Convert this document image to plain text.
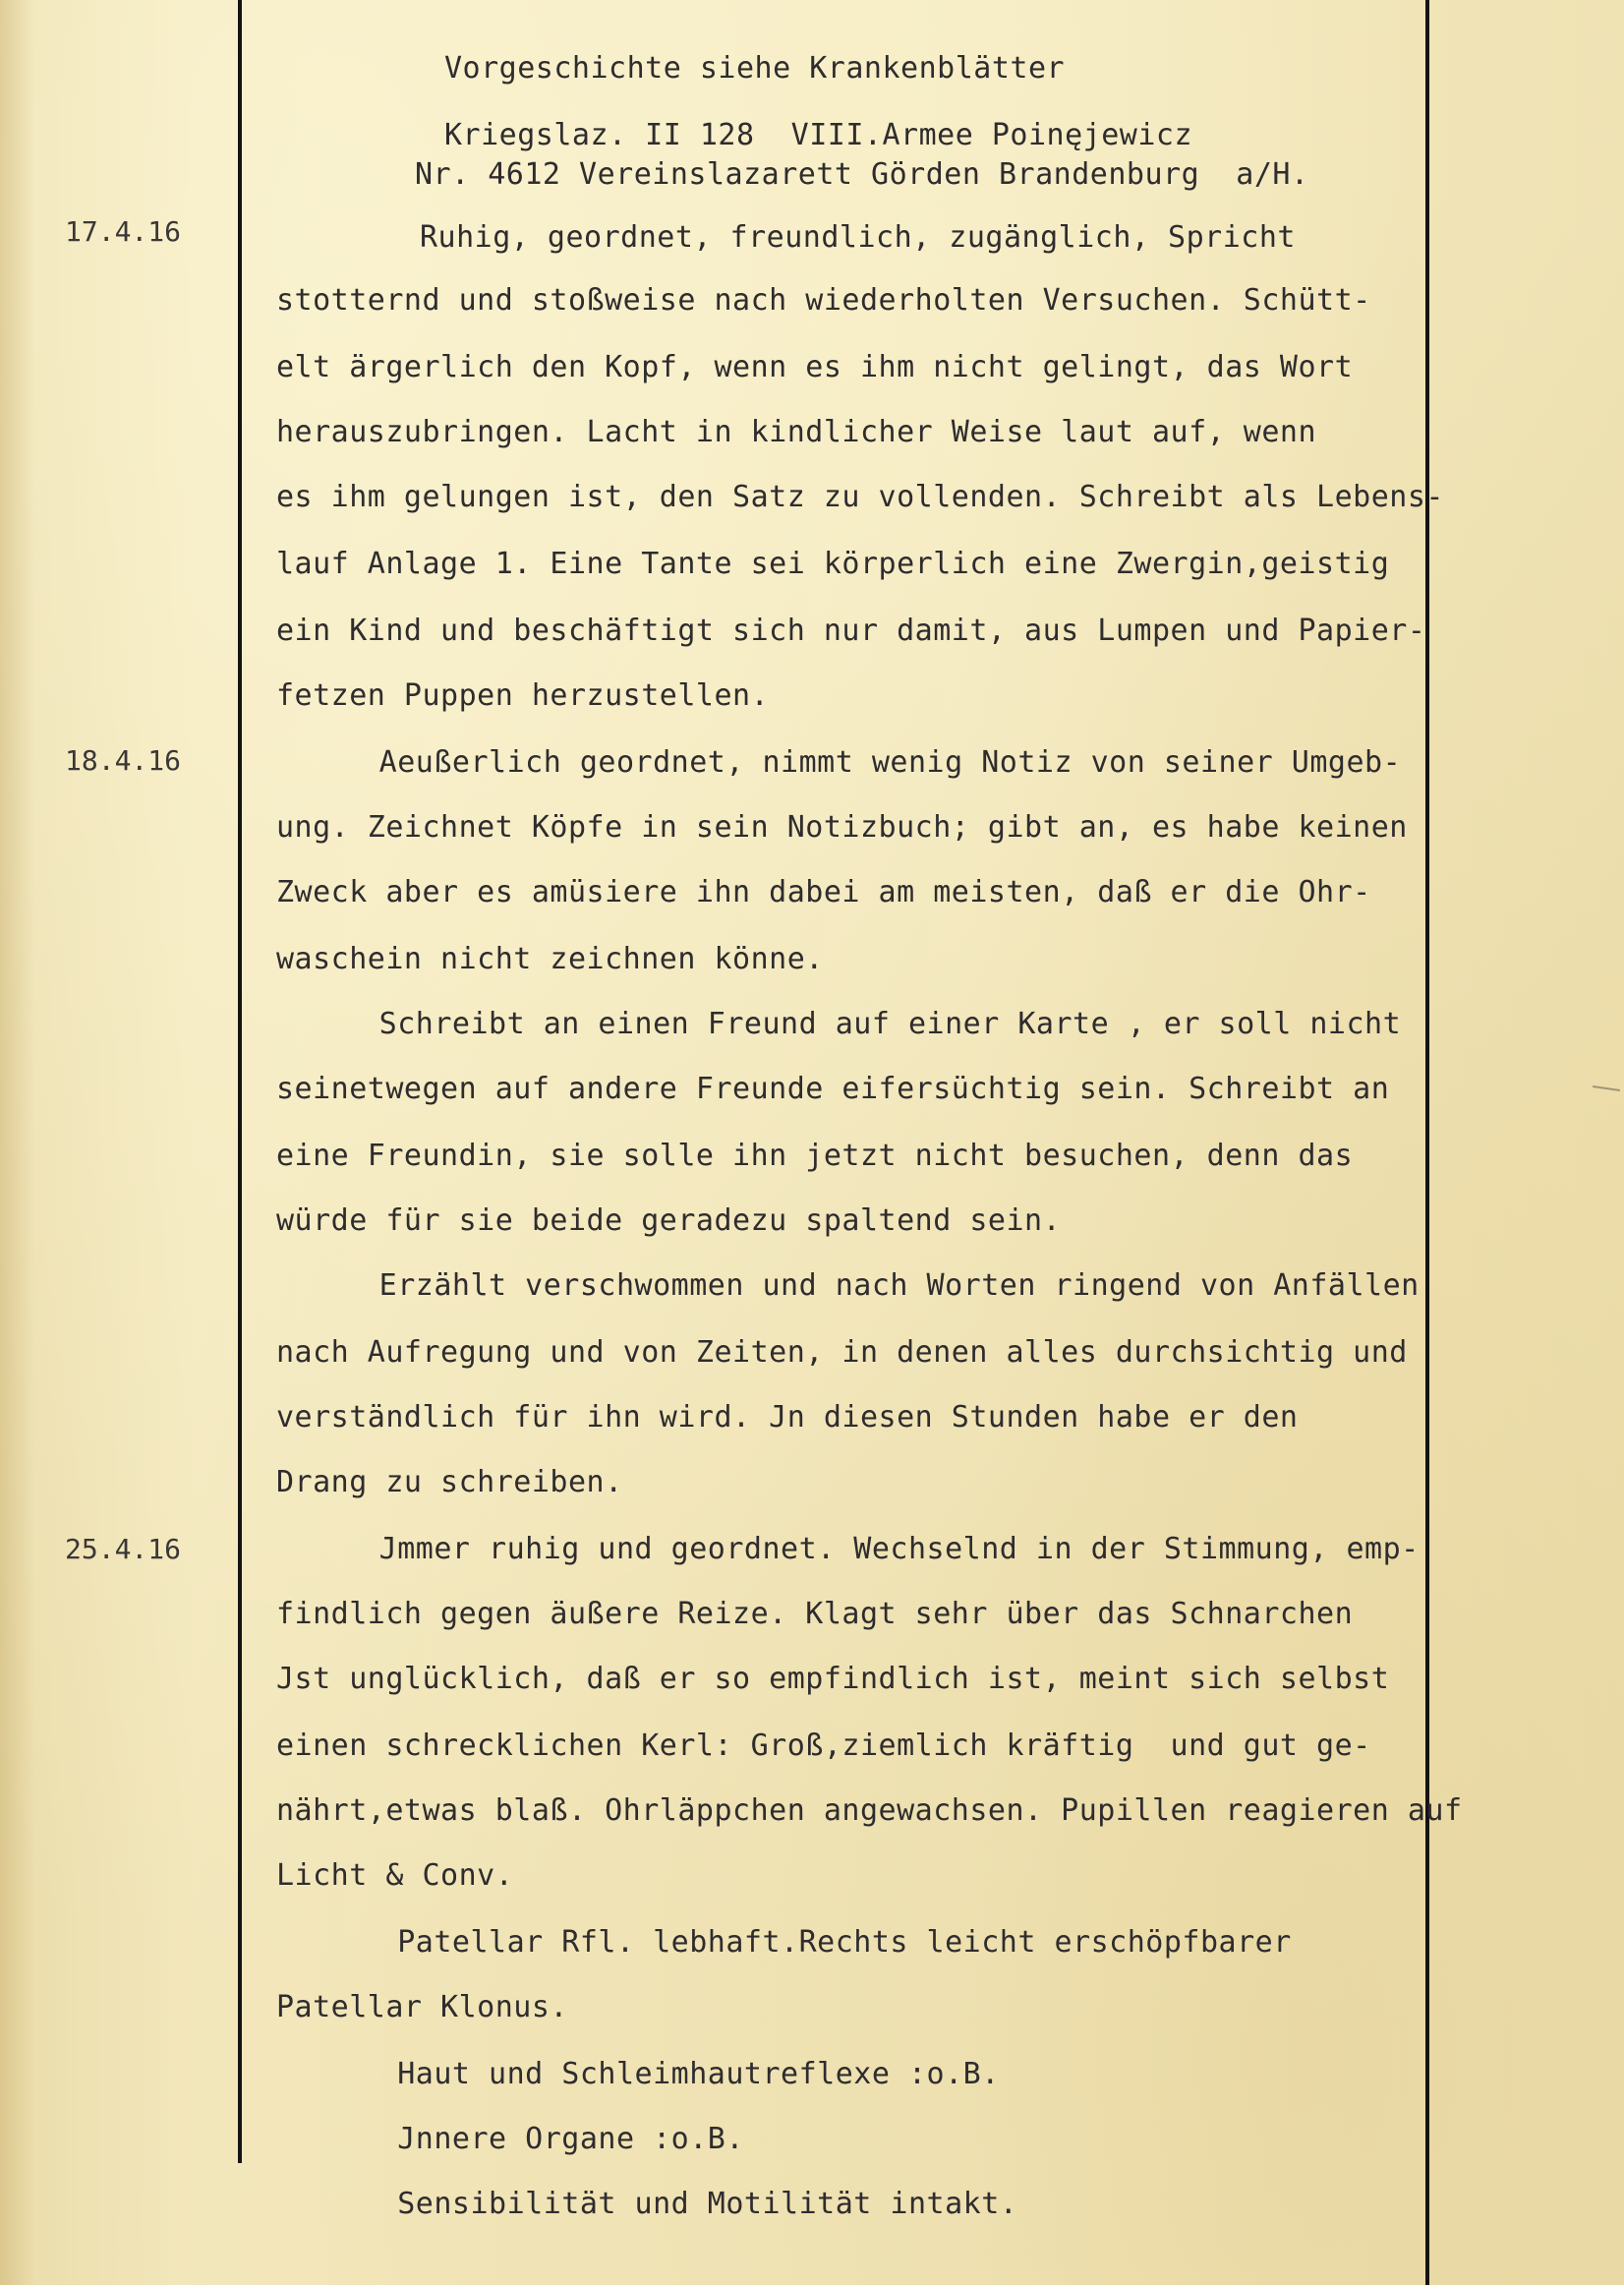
Vorgeschichte siehe Krankenblätter

Kriegslaz. II 128  VIII.Armee Poinęjewicz

Nr. 4612 Vereinslazarett Görden Brandenburg  a/H.

17.4.16	Ruhig, geordnet, freundlich, zugänglich, Spricht

stotternd und stoßweise nach wiederholten Versuchen. Schütt-

elt ärgerlich den Kopf, wenn es ihm nicht gelingt, das Wort

herauszubringen. Lacht in kindlicher Weise laut auf, wenn

es ihm gelungen ist, den Satz zu vollenden. Schreibt als Lebens-

lauf Anlage 1. Eine Tante sei körperlich eine Zwergin,geistig

ein Kind und beschäftigt sich nur damit, aus Lumpen und Papier-

fetzen Puppen herzustellen.

18.4.16	Aeußerlich geordnet, nimmt wenig Notiz von seiner Umgeb-

ung. Zeichnet Köpfe in sein Notizbuch; gibt an, es habe keinen

Zweck aber es amüsiere ihn dabei am meisten, daß er die Ohr-

waschein nicht zeichnen könne.

Schreibt an einen Freund auf einer Karte , er soll nicht

seinetwegen auf andere Freunde eifersüchtig sein. Schreibt an

eine Freundin, sie solle ihn jetzt nicht besuchen, denn das

würde für sie beide geradezu spaltend sein.

Erzählt verschwommen und nach Worten ringend von Anfällen

nach Aufregung und von Zeiten, in denen alles durchsichtig und

verständlich für ihn wird. Jn diesen Stunden habe er den

Drang zu schreiben.

25.4.16	Jmmer ruhig und geordnet. Wechselnd in der Stimmung, emp-

findlich gegen äußere Reize. Klagt sehr über das Schnarchen

Jst unglücklich, daß er so empfindlich ist, meint sich selbst

einen schrecklichen Kerl: Groß,ziemlich kräftig  und gut ge-

nährt,etwas blaß. Ohrläppchen angewachsen. Pupillen reagieren auf

Licht & Conv.

Patellar Rfl. lebhaft.Rechts leicht erschöpfbarer

Patellar Klonus.

Haut und Schleimhautreflexe :o.B.

Jnnere Organe :o.B.

Sensibilität und Motilität intakt.
